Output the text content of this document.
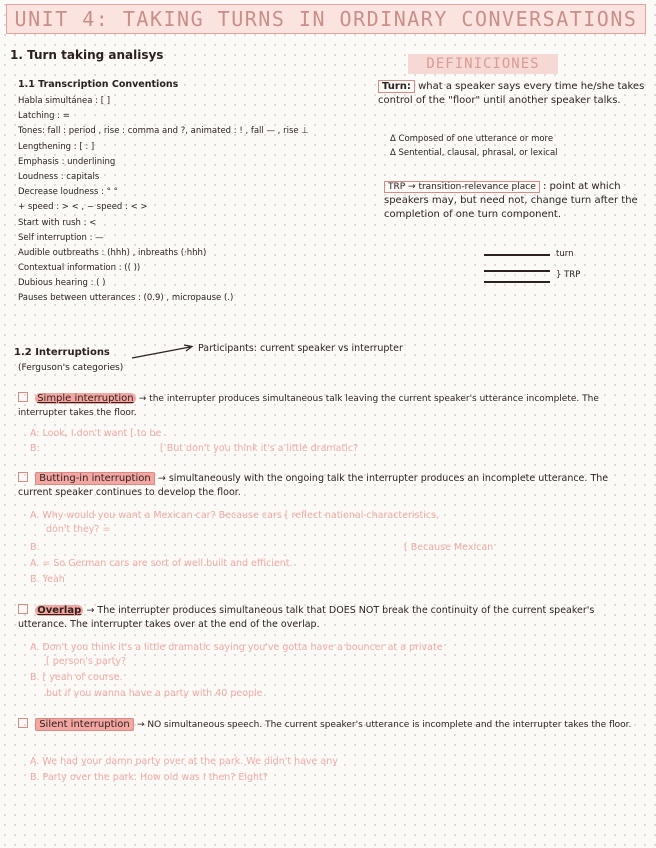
UNIT 4: TAKING TURNS IN ORDINARY CONVERSATIONS
1. Turn taking analisys
1.1 Transcription Conventions
Habla simultánea : [ ]
Latching : =
Tones: fall : period , rise : comma and ?, animated : ! , fall — , rise ⊥
Lengthening : [ : ]
Emphasis : underlining
Loudness : capitals
Decrease loudness : ° °
+ speed : > < , − speed : < >
Start with rush : <
Self interruption : —
Audible outbreaths : (hhh) , inbreaths (·hhh)
Contextual information : (( ))
Dubious hearing : ( )
Pauses between utterances : (0.9) , micropause (.)
DEFINICIONES
Turn: what a speaker says every time he/she takes control of the "floor" until another speaker talks.
Δ Composed of one utterance or more
Δ Sentential, clausal, phrasal, or lexical
TRP → transition-relevance place : point at which speakers may, but need not, change turn after the completion of one turn component.
turn
} TRP
1.2 Interruptions
(Ferguson's categories)
Participants: current speaker vs interrupter
Simple interruption → the interrupter produces simultaneous talk leaving the current speaker's utterance incomplete. The interrupter takes the floor.
A: Look, I don't want [ to be
B:	[ But don't you think it's a little dramatic?
Butting-in interruption → simultaneously with the ongoing talk the interrupter produces an incomplete utterance. The current speaker continues to develop the floor.
A. Why would you want a Mexican car? Because cars [ reflect national characteristics,
don't they? =
B.	[ Because Mexican
A. = So German cars are sort of well built and efficient.
B. Yeah
Overlap → The interrupter produces simultaneous talk that DOES NOT break the continuity of the current speaker's utterance. The interrupter takes over at the end of the overlap.
A. Don't you think it's a little dramatic saying you've gotta have a bouncer at a private
[ person's party?
B. [ yeah of course.
but if you wanna have a party with 40 people
Silent interruption → NO simultaneous speech. The current speaker's utterance is incomplete and the interrupter takes the floor.
A. We had your damn party over at the park. We didn't have any
B. Party over the park. How old was I then? Eight?
